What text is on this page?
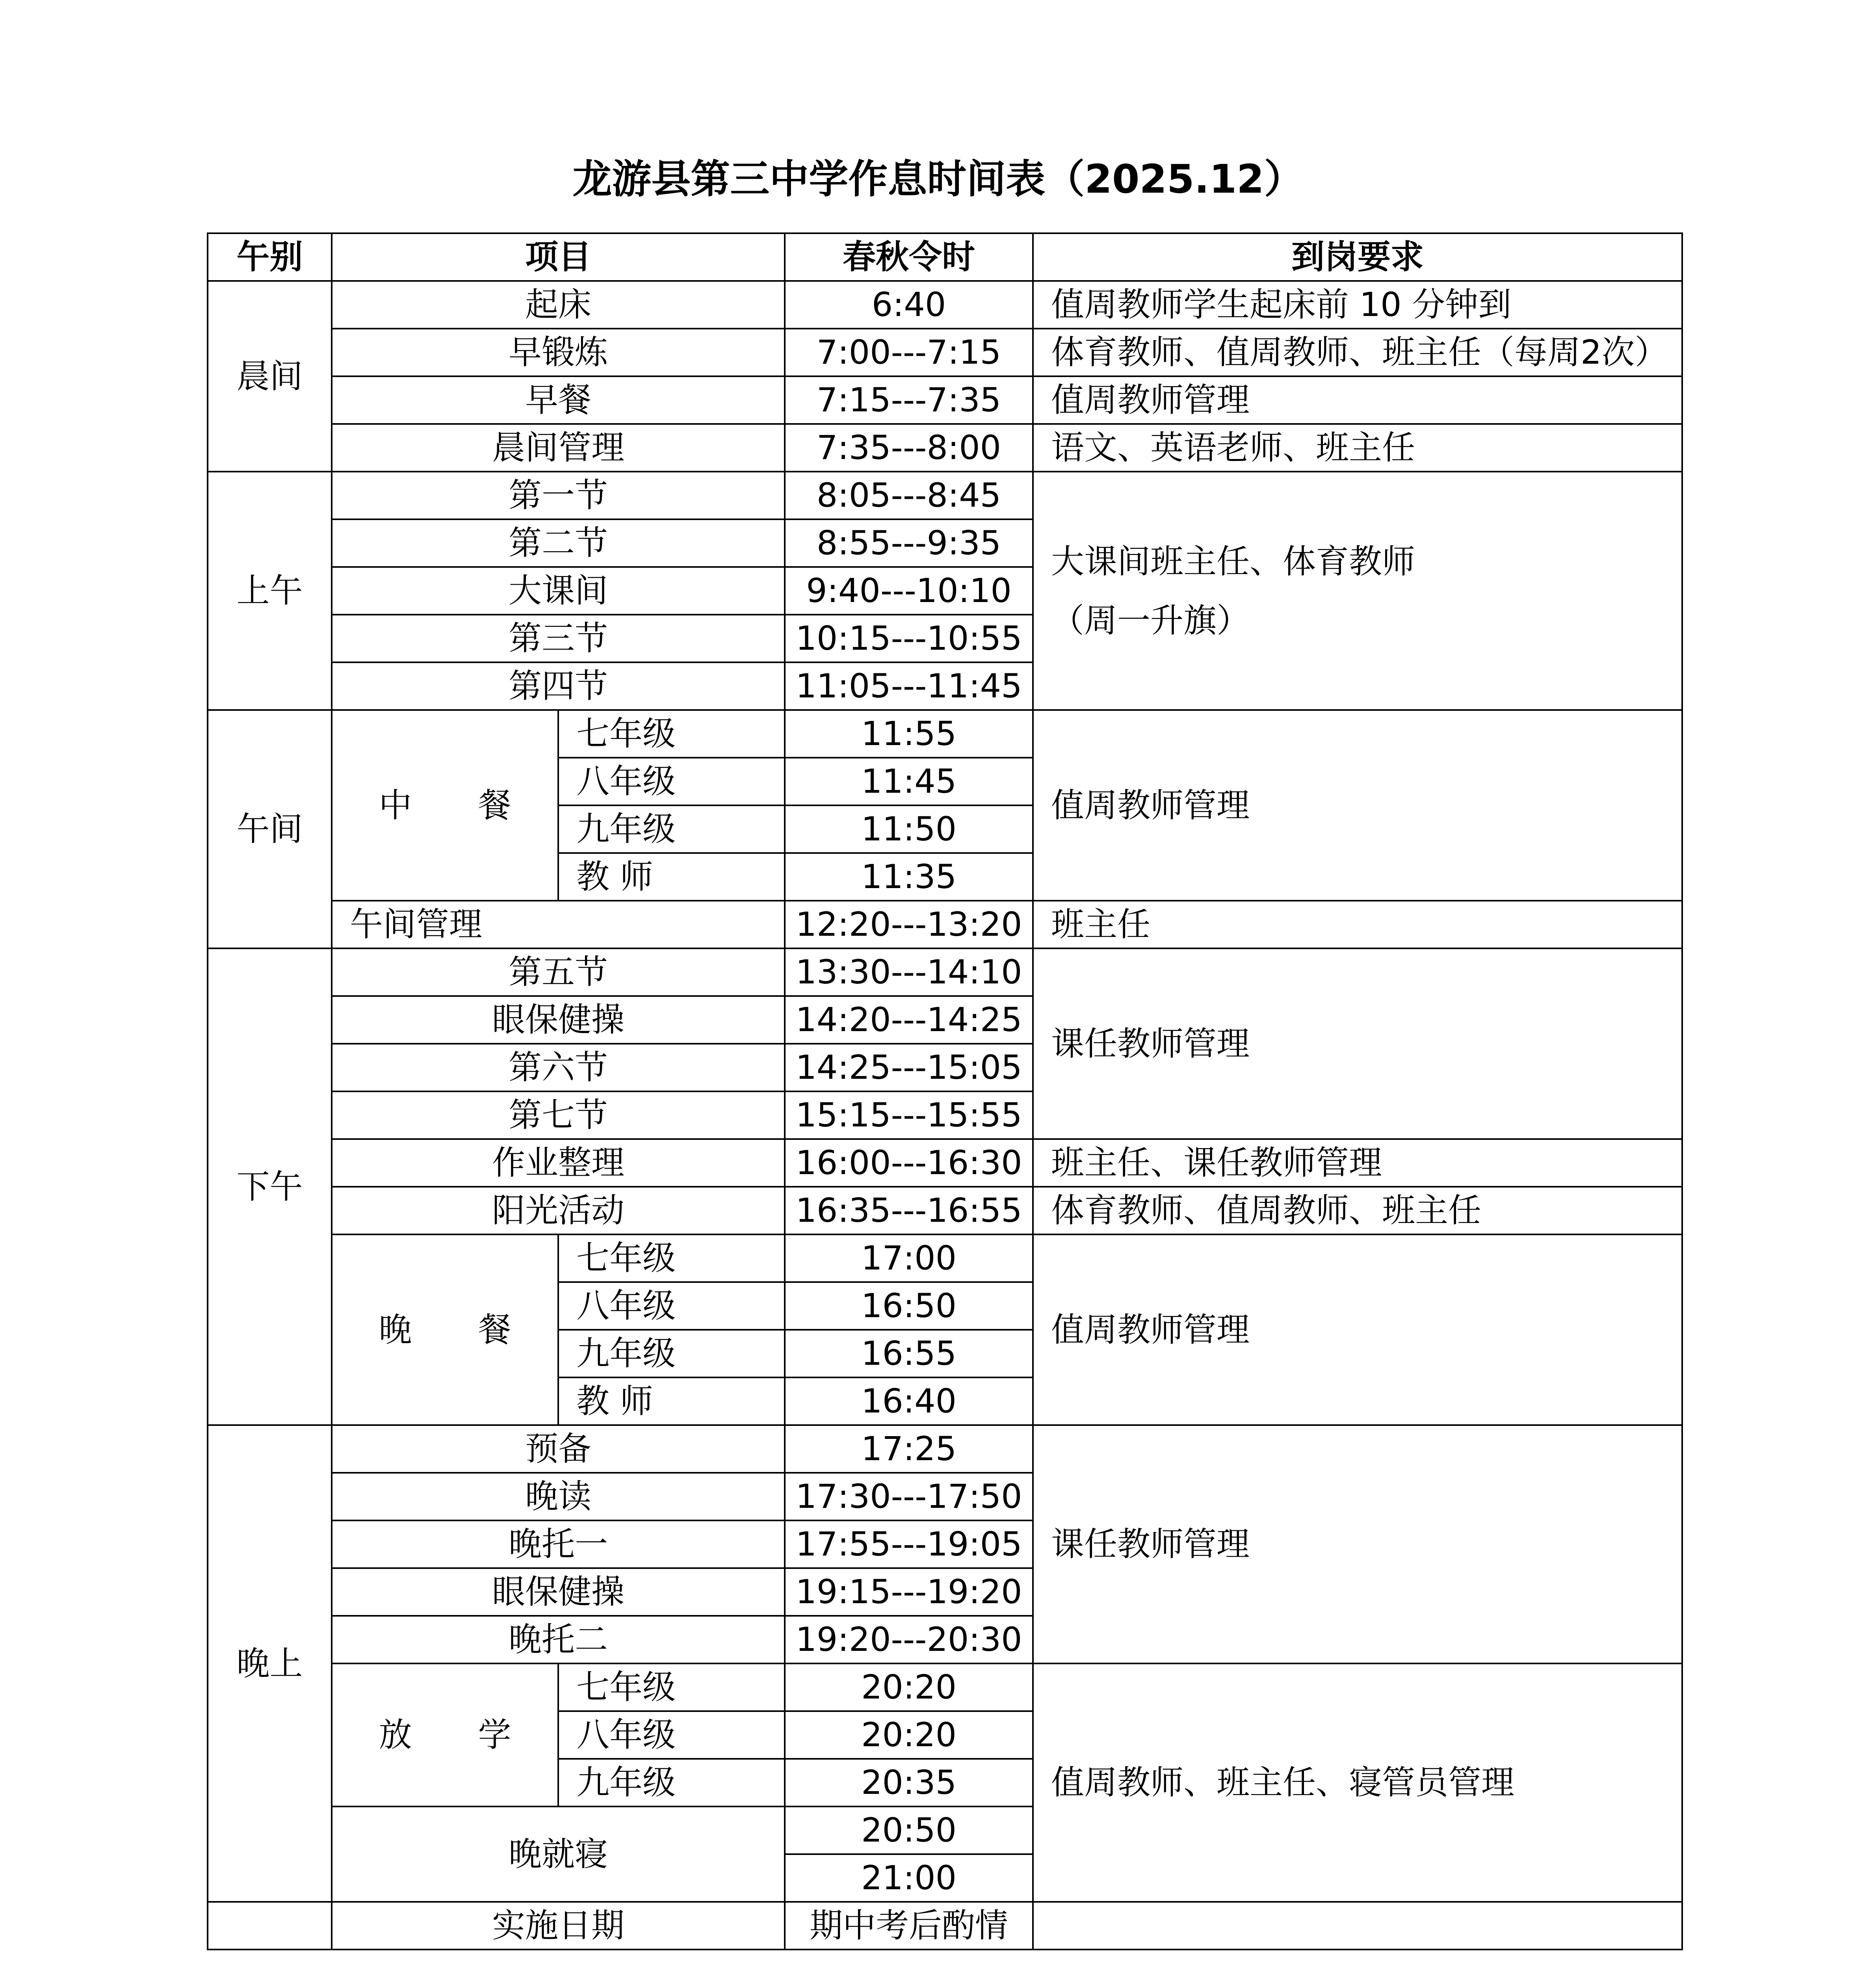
龙游县第三中学作息时间表（2025.12）
午别	项目		春秋令时	到岗要求
晨间	起床		6:40	值周教师学生起床前 10 分钟到
	早锻炼		7:00---7:15	体育教师、值周教师、班主任（每周2次）
	早餐		7:15---7:35	值周教师管理
	晨间管理		7:35---8:00	语文、英语老师、班主任
上午	第一节		8:05---8:45	大课间班主任、体育教师
（周一升旗）

	第二节		8:55---9:35	
	大课间		9:40---10:10	
	第三节		10:15---10:55	
	第四节		11:05---11:45	
午间	中　　餐	七年级	11:55	值周教师管理
		八年级	11:45	
		九年级	11:50	
		教 师	11:35	
	午间管理		12:20---13:20	班主任
下午	第五节		13:30---14:10	课任教师管理
	眼保健操		14:20---14:25	
	第六节		14:25---15:05	
	第七节		15:15---15:55	
	作业整理		16:00---16:30	班主任、课任教师管理
	阳光活动		16:35---16:55	体育教师、值周教师、班主任
	晚　　餐	七年级	17:00	值周教师管理
		八年级	16:50	
		九年级	16:55	
		教 师	16:40	
晚上	预备		17:25	课任教师管理
	晚读		17:30---17:50	
	晚托一		17:55---19:05	
	眼保健操		19:15---19:20	
	晚托二		19:20---20:30	
	放　　学	七年级	20:20	值周教师、班主任、寝管员管理
		八年级	20:20	
		九年级	20:35	
	晚就寝		20:50	
			21:00	
	实施日期		期中考后酌情	
